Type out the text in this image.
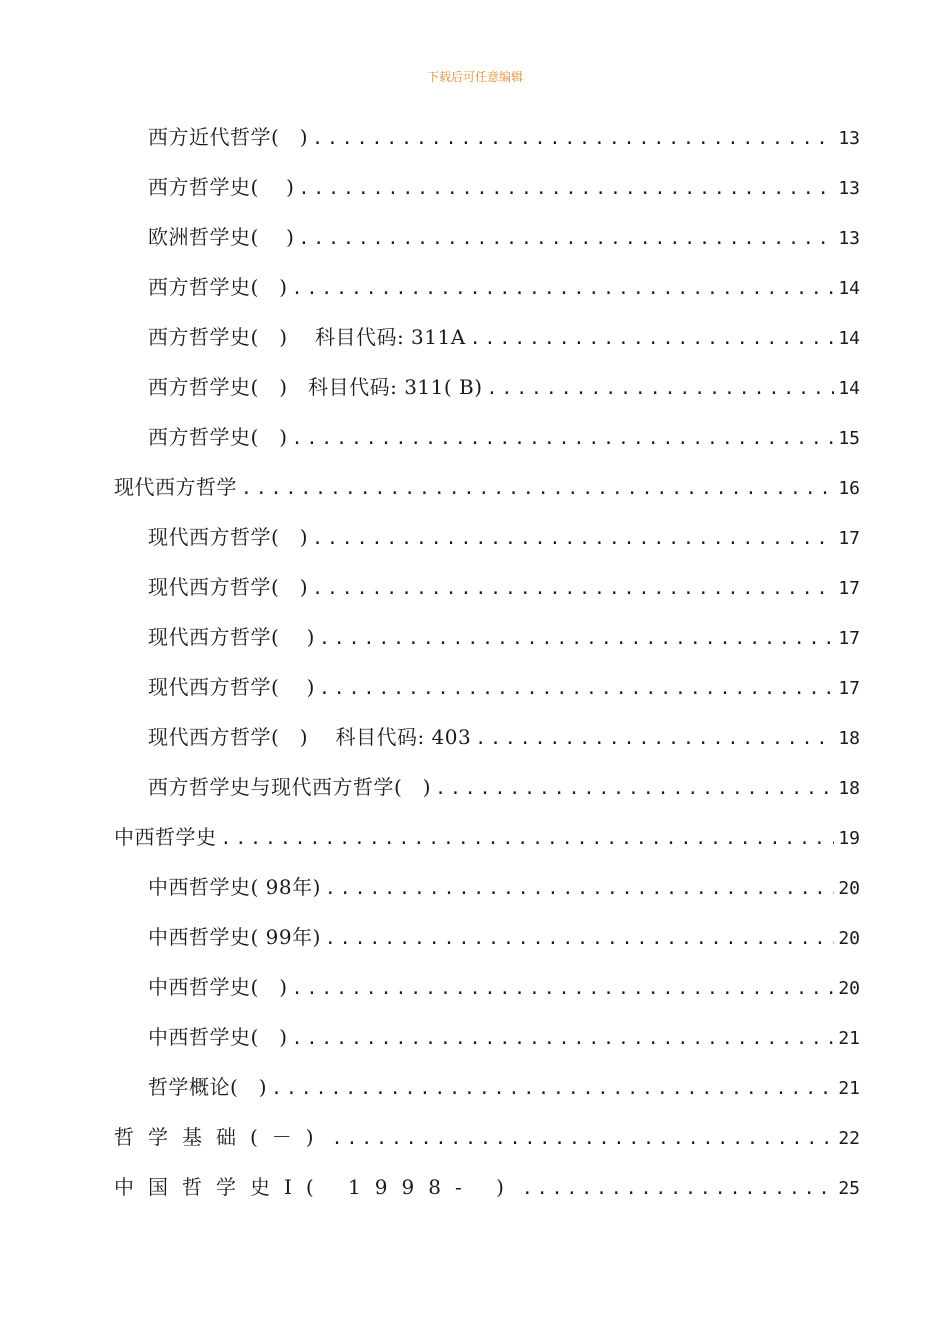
下载后可任意编辑
西方近代哲学(　) .....	13
西方哲学史(　 ) .....	13
欧洲哲学史(　 ) .....	13
西方哲学史(　) .....	14
西方哲学史(　)　 科目代码: 311A .....	14
西方哲学史(　)　科目代码: 311( B) .....	14
西方哲学史(　) .....	15
现代西方哲学 .....	16
现代西方哲学(　) .....	17
现代西方哲学(　) .....	17
现代西方哲学(　 ) .....	17
现代西方哲学(　 ) .....	17
现代西方哲学(　)　 科目代码: 403 .....	18
西方哲学史与现代西方哲学(　) .....	18
中西哲学史 .....	19
中西哲学史( 98年) .....	20
中西哲学史( 99年) .....	20
中西哲学史(　) .....	20
中西哲学史(　) .....	21
哲学概论(　) .....	21
哲学基础(－) .....	22
中国哲学史Ⅰ( 1998- ) .....	25
